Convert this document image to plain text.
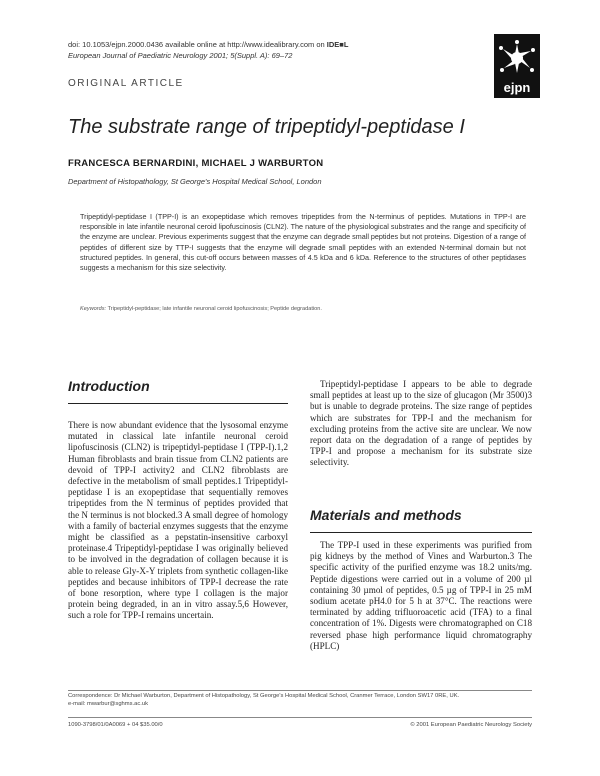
doi: 10.1053/ejpn.2000.0436 available online at http://www.idealibrary.com on IDE■L
European Journal of Paediatric Neurology 2001; 5(Suppl. A): 69–72
ORIGINAL ARTICLE	ejpn
The substrate range of tripeptidyl-peptidase I
FRANCESCA BERNARDINI, MICHAEL J WARBURTON
Department of Histopathology, St George's Hospital Medical School, London

Tripeptidyl-peptidase I (TPP-I) is an exopeptidase which removes tripeptides from the N-terminus of peptides. Mutations in TPP-I are responsible in late infantile neuronal ceroid lipofuscinosis (CLN2). The nature of the physiological substrates and the range and specificity of the enzyme are unclear. Previous experiments suggest that the enzyme can degrade small peptides but not proteins. Digestion of a range of peptides of different size by TTP-I suggests that the enzyme will degrade small peptides with an extended N-terminal domain but not structured peptides. In general, this cut-off occurs between masses of 4.5 kDa and 6 kDa. Reference to the structures of other peptidases suggests a mechanism for this size selectivity.

Keywords: Tripeptidyl-peptidase; late infantile neuronal ceroid lipofuscinosis; Peptide degradation.
Introduction

There is now abundant evidence that the lysosomal enzyme mutated in classical late infantile neuronal ceroid lipofuscinosis (CLN2) is tripeptidyl-peptidase I (TPP-I).1,2 Human fibroblasts and brain tissue from CLN2 patients are devoid of TPP-I activity2 and CLN2 fibroblasts are defective in the metabolism of small peptides.1 Tripeptidyl-peptidase I is an exopeptidase that sequentially removes tripeptides from the N terminus of peptides provided that the N terminus is not blocked.3 A small degree of homology with a family of bacterial enzymes suggests that the enzyme might be classified as a pepstatin-insensitive carboxyl proteinase.4 Tripeptidyl-peptidase I was originally believed to be involved in the degradation of collagen because it is able to release Gly-X-Y triplets from synthetic collagen-like peptides and because inhibitors of TPP-I decrease the rate of bone resorption, where type I collagen is the major protein being degraded, in an in vitro assay.5,6 However, such a role for TPP-I remains uncertain.

Tripeptidyl-peptidase I appears to be able to degrade small peptides at least up to the size of glucagon (Mr 3500)3 but is unable to degrade proteins. The size range of peptides which are substrates for TPP-I and the mechanism for excluding proteins from the active site are unclear. We now report data on the degradation of a range of peptides by TPP-I and propose a mechanism for its substrate size selectivity.

Materials and methods

The TPP-I used in these experiments was purified from pig kidneys by the method of Vines and Warburton.3 The specific activity of the purified enzyme was 18.2 units/mg. Peptide digestions were carried out in a volume of 200 µl containing 30 µmol of peptides, 0.5 µg of TPP-I in 25 mM sodium acetate pH4.0 for 5 h at 37°C. The reactions were terminated by adding trifluoroacetic acid (TFA) to a final concentration of 1%. Digests were chromatographed on C18 reversed phase high performance liquid chromatography (HPLC)

Correspondence: Dr Michael Warburton, Department of Histopathology, St George's Hospital Medical School, Cranmer Terrace, London SW17 0RE, UK.
e-mail: mwarbur@sghms.ac.uk
1090-3798/01/0A0069 + 04 $35.00/0	© 2001 European Paediatric Neurology Society
